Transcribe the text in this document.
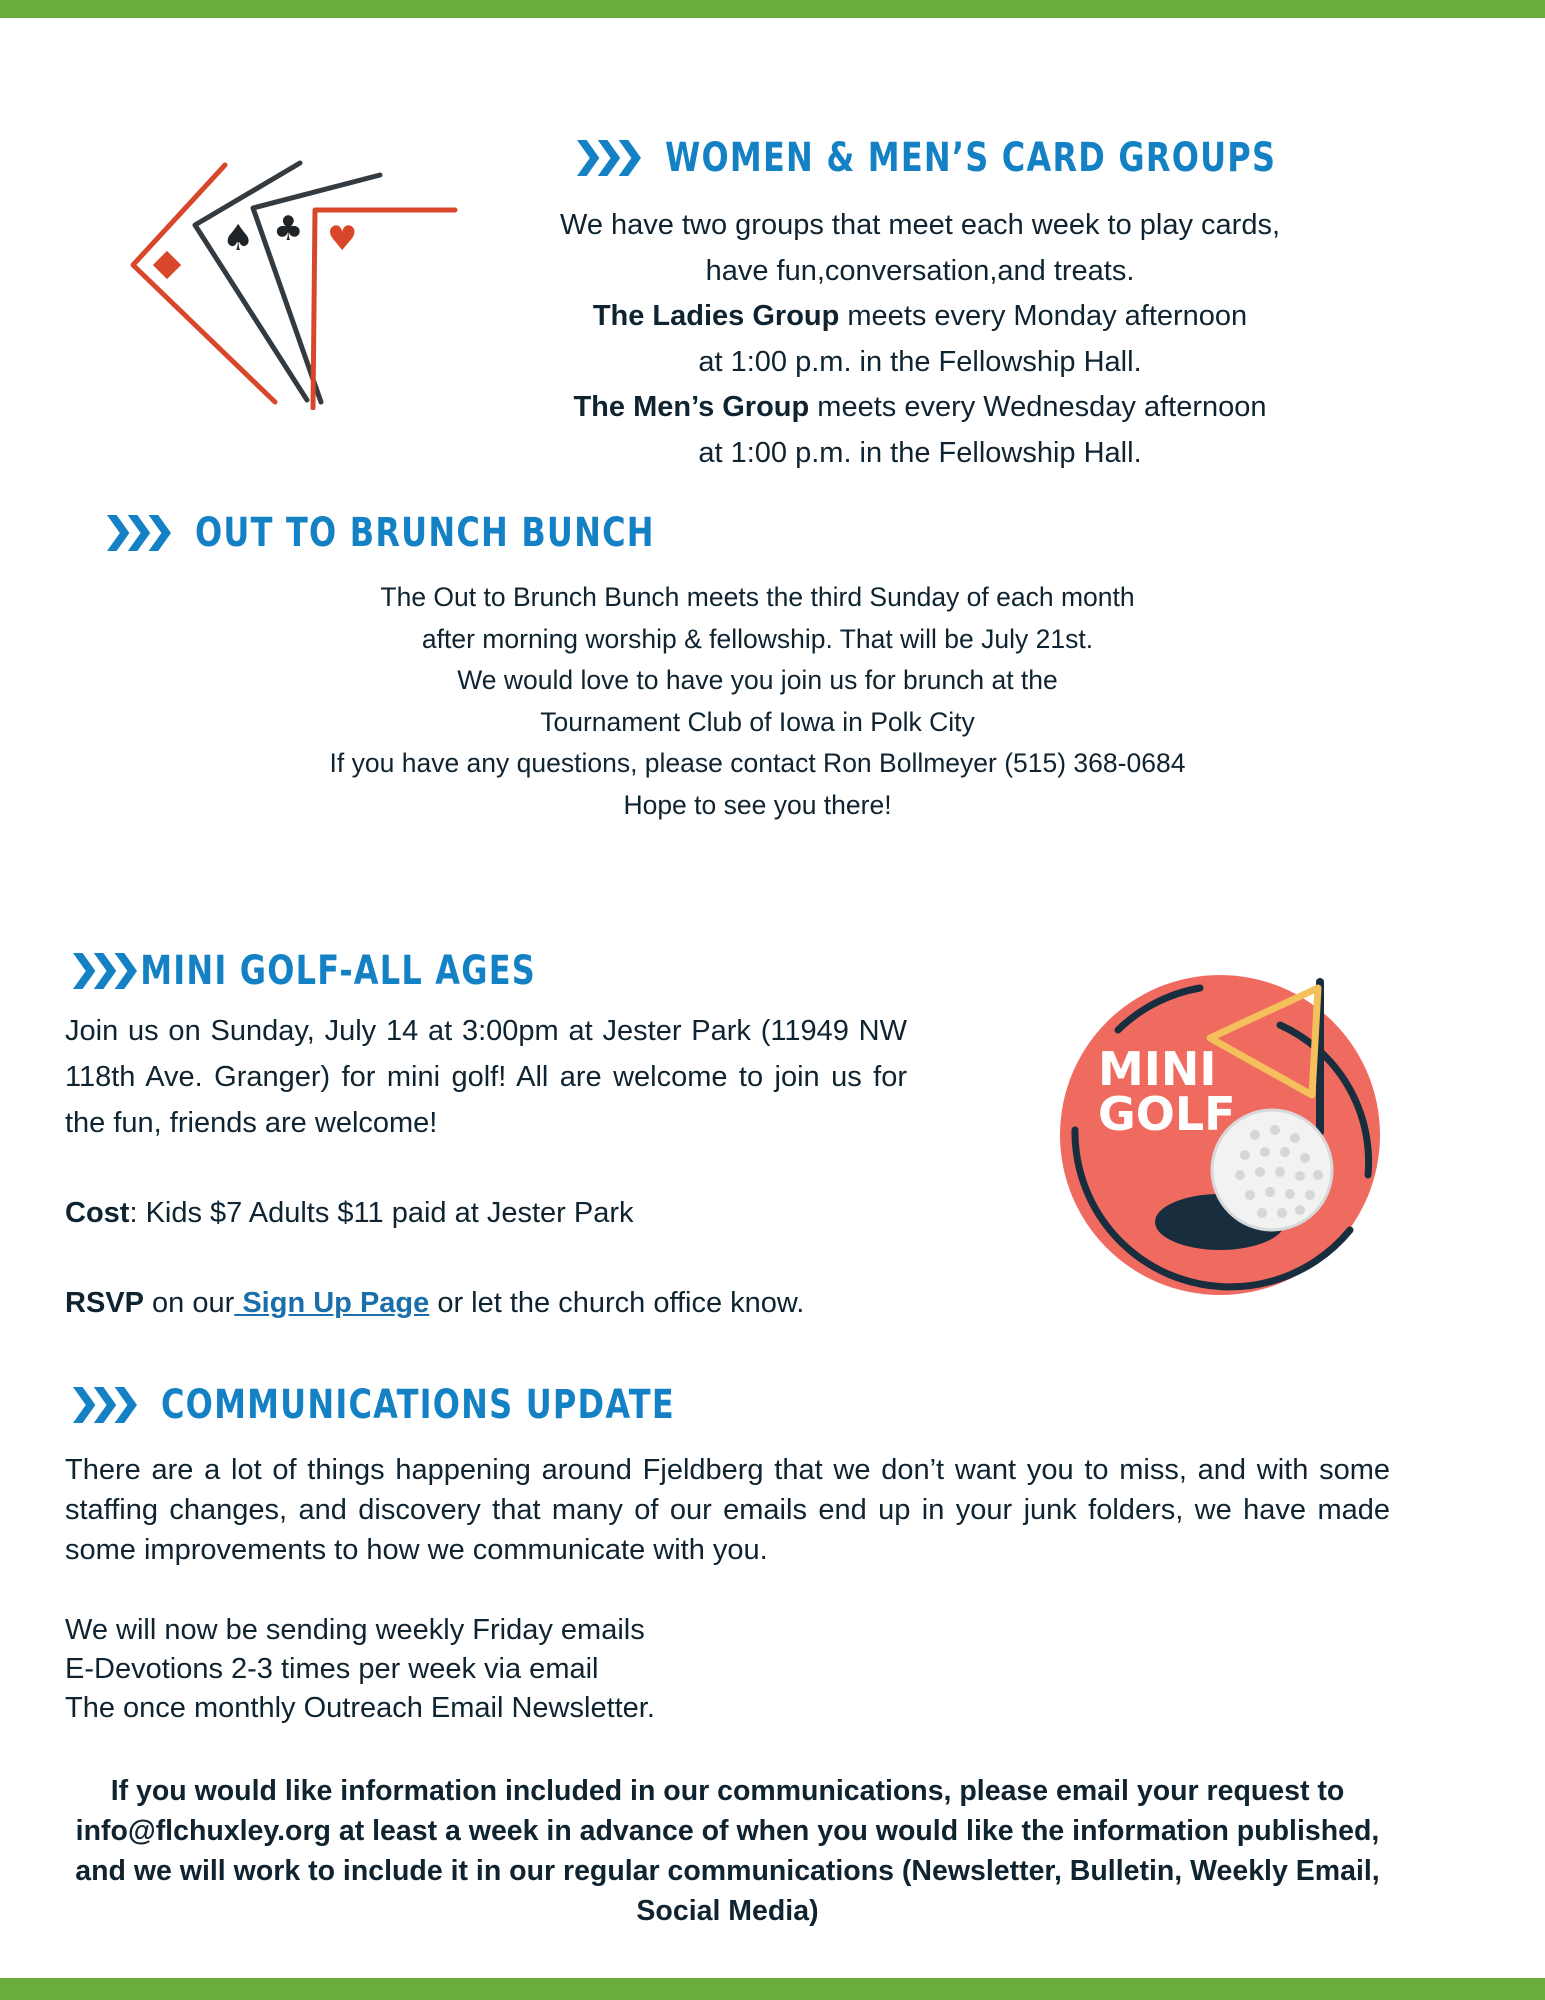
♠ ♣ ♥
WOMEN & MEN’S CARD GROUPS
We have two groups that meet each week to play cards,
have fun,conversation,and treats.
The Ladies Group meets every Monday afternoon
at 1:00 p.m. in the Fellowship Hall.
The Men’s Group meets every Wednesday afternoon
at 1:00 p.m. in the Fellowship Hall.
OUT TO BRUNCH BUNCH
The Out to Brunch Bunch meets the third Sunday of each month
after morning worship & fellowship. That will be July 21st.
We would love to have you join us for brunch at the
Tournament Club of Iowa in Polk City
If you have any questions, please contact Ron Bollmeyer (515) 368-0684
Hope to see you there!
MINI GOLF-ALL AGES
Join us on Sunday, July 14 at 3:00pm at Jester Park (11949 NW 118th Ave. Granger) for mini golf! All are welcome to join us for the fun, friends are welcome!
Cost: Kids $7 Adults $11 paid at Jester Park
RSVP on our Sign Up Page or let the church office know.
MINI
GOLF
COMMUNICATIONS UPDATE
There are a lot of things happening around Fjeldberg that we don’t want you to miss, and with some staffing changes, and discovery that many of our emails end up in your junk folders, we have made some improvements to how we communicate with you.
We will now be sending weekly Friday emails
E-Devotions 2-3 times per week via email
The once monthly Outreach Email Newsletter.
If you would like information included in our communications, please email your request to info@flchuxley.org at least a week in advance of when you would like the information published, and we will work to include it in our regular communications (Newsletter, Bulletin, Weekly Email, Social Media)
